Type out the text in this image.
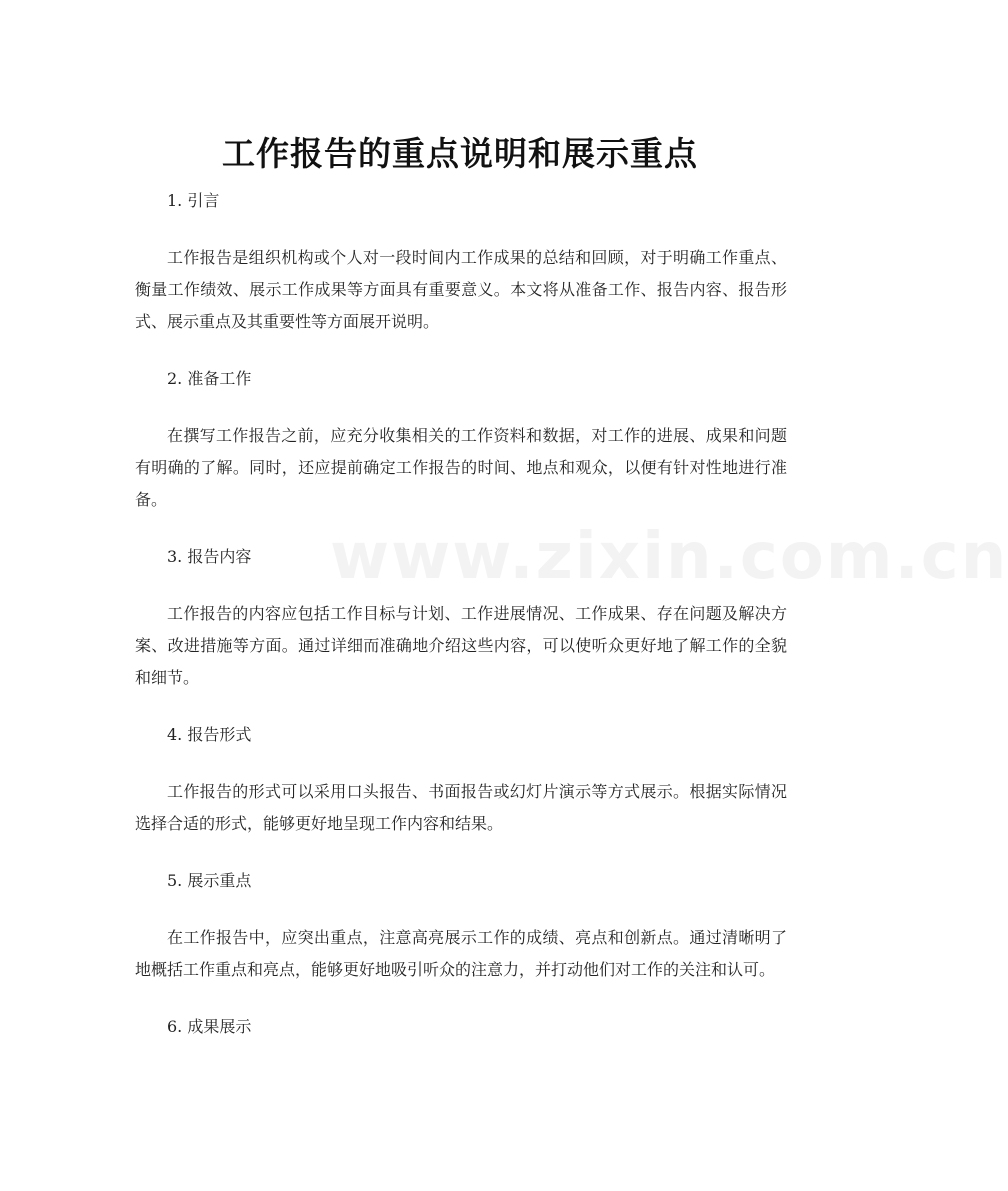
www.zixin.com.cn
工作报告的重点说明和展示重点
1. 引言

工作报告是组织机构或个人对一段时间内工作成果的总结和回顾，对于明确工作重点、衡量工作绩效、展示工作成果等方面具有重要意义。本文将从准备工作、报告内容、报告形式、展示重点及其重要性等方面展开说明。

2. 准备工作

在撰写工作报告之前，应充分收集相关的工作资料和数据，对工作的进展、成果和问题有明确的了解。同时，还应提前确定工作报告的时间、地点和观众，以便有针对性地进行准备。

3. 报告内容

工作报告的内容应包括工作目标与计划、工作进展情况、工作成果、存在问题及解决方案、改进措施等方面。通过详细而准确地介绍这些内容，可以使听众更好地了解工作的全貌和细节。

4. 报告形式

工作报告的形式可以采用口头报告、书面报告或幻灯片演示等方式展示。根据实际情况选择合适的形式，能够更好地呈现工作内容和结果。

5. 展示重点

在工作报告中，应突出重点，注意高亮展示工作的成绩、亮点和创新点。通过清晰明了地概括工作重点和亮点，能够更好地吸引听众的注意力，并打动他们对工作的关注和认可。

6. 成果展示
